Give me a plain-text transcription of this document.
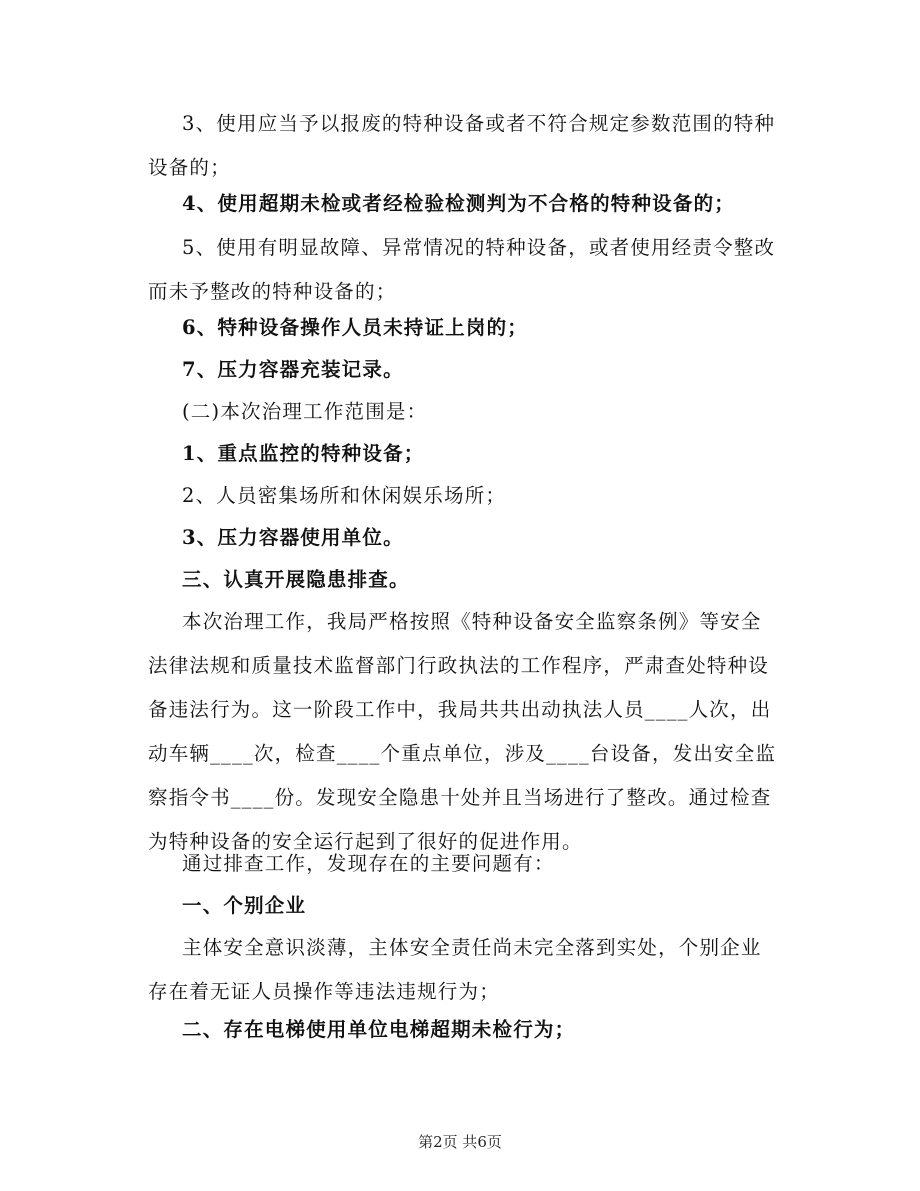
3、使用应当予以报废的特种设备或者不符合规定参数范围的特种
设备的；
4、使用超期未检或者经检验检测判为不合格的特种设备的；
5、使用有明显故障、异常情况的特种设备，或者使用经责令整改
而未予整改的特种设备的；
6、特种设备操作人员未持证上岗的；
7、压力容器充装记录。
(二)本次治理工作范围是：
1、重点监控的特种设备；
2、人员密集场所和休闲娱乐场所；
3、压力容器使用单位。
三、认真开展隐患排查。
本次治理工作，我局严格按照《特种设备安全监察条例》等安全
法律法规和质量技术监督部门行政执法的工作程序，严肃查处特种设
备违法行为。这一阶段工作中，我局共共出动执法人员____人次，出
动车辆____次，检查____个重点单位，涉及____台设备，发出安全监
察指令书____份。发现安全隐患十处并且当场进行了整改。通过检查
为特种设备的安全运行起到了很好的促进作用。
通过排查工作，发现存在的主要问题有：
一、个别企业
主体安全意识淡薄，主体安全责任尚未完全落到实处，个别企业
存在着无证人员操作等违法违规行为；
二、存在电梯使用单位电梯超期未检行为；
第2页 共6页
